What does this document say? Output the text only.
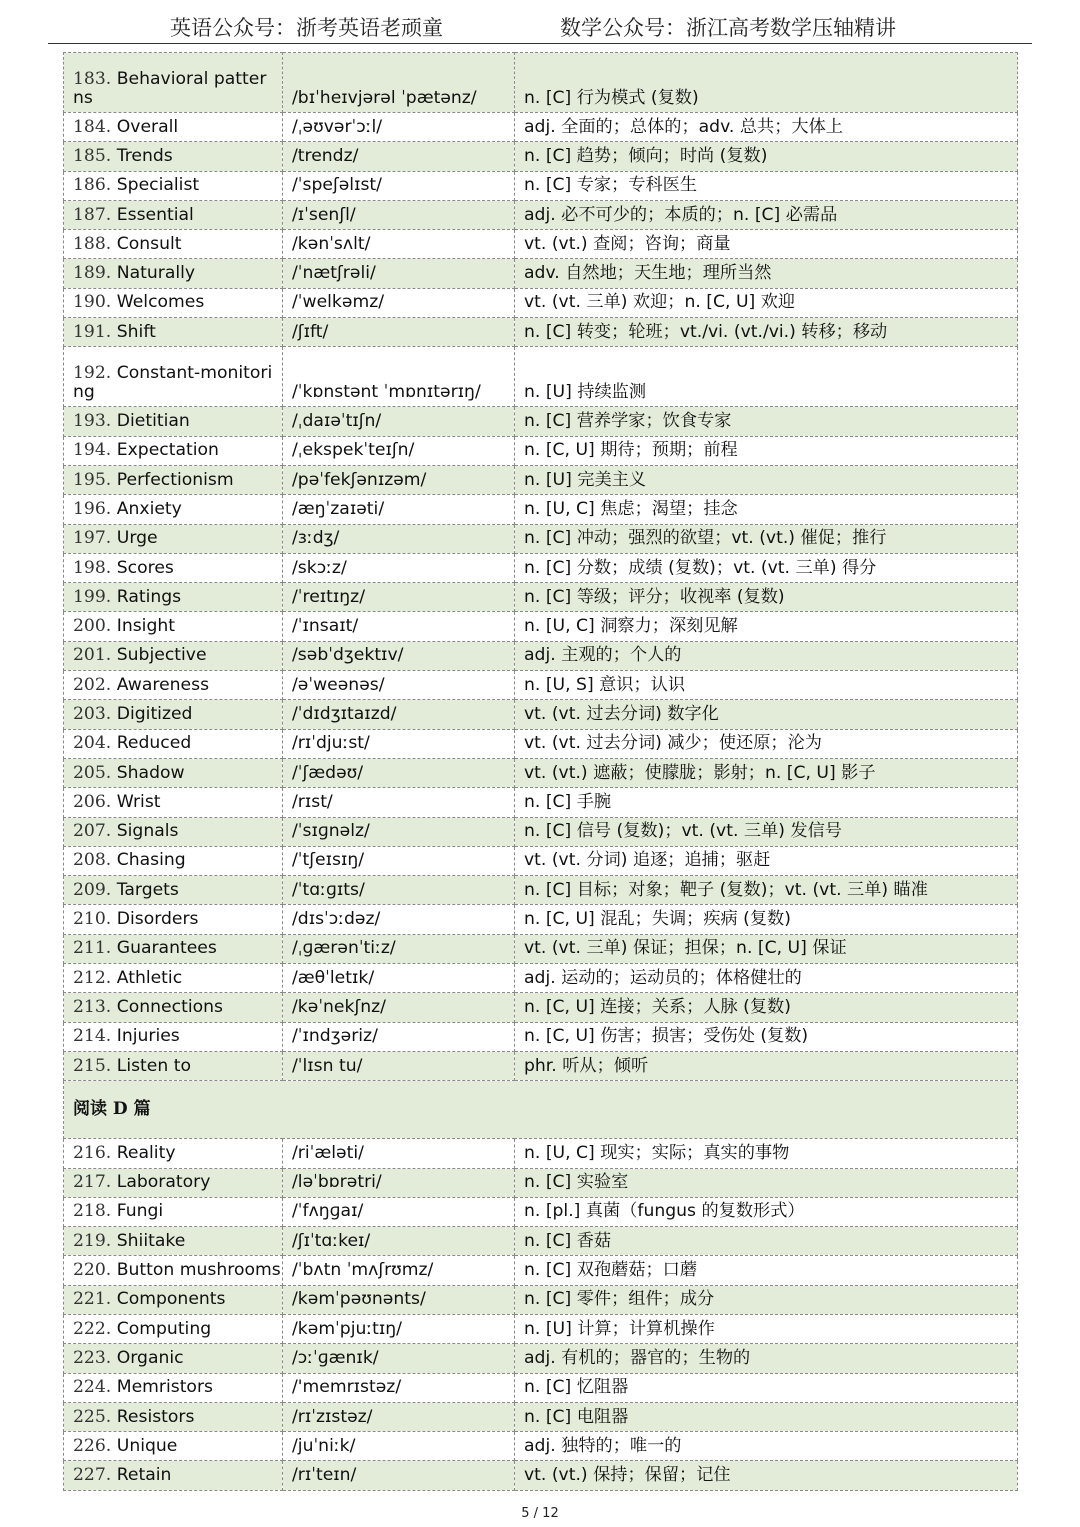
英语公众号：浙考英语老顽童	数学公众号：浙江高考数学压轴精讲
183. Behavioral patterns	/bɪˈheɪvjərəl ˈpætənz/	n. [C] 行为模式 (复数)
184. Overall	/ˌəʊvərˈɔːl/	adj. 全面的；总体的；adv. 总共；大体上
185. Trends	/trendz/	n. [C] 趋势；倾向；时尚 (复数)
186. Specialist	/ˈspeʃəlɪst/	n. [C] 专家；专科医生
187. Essential	/ɪˈsenʃl/	adj. 必不可少的；本质的；n. [C] 必需品
188. Consult	/kənˈsʌlt/	vt. (vt.) 查阅；咨询；商量
189. Naturally	/ˈnætʃrəli/	adv. 自然地；天生地；理所当然
190. Welcomes	/ˈwelkəmz/	vt. (vt. 三单) 欢迎；n. [C, U] 欢迎
191. Shift	/ʃɪft/	n. [C] 转变；轮班；vt./vi. (vt./vi.) 转移；移动
192. Constant-monitoring	/ˈkɒnstənt ˈmɒnɪtərɪŋ/	n. [U] 持续监测
193. Dietitian	/ˌdaɪəˈtɪʃn/	n. [C] 营养学家；饮食专家
194. Expectation	/ˌekspekˈteɪʃn/	n. [C, U] 期待；预期；前程
195. Perfectionism	/pəˈfekʃənɪzəm/	n. [U] 完美主义
196. Anxiety	/æŋˈzaɪəti/	n. [U, C] 焦虑；渴望；挂念
197. Urge	/ɜːdʒ/	n. [C] 冲动；强烈的欲望；vt. (vt.) 催促；推行
198. Scores	/skɔːz/	n. [C] 分数；成绩 (复数)；vt. (vt. 三单) 得分
199. Ratings	/ˈreɪtɪŋz/	n. [C] 等级；评分；收视率 (复数)
200. Insight	/ˈɪnsaɪt/	n. [U, C] 洞察力；深刻见解
201. Subjective	/səbˈdʒektɪv/	adj. 主观的；个人的
202. Awareness	/əˈweənəs/	n. [U, S] 意识；认识
203. Digitized	/ˈdɪdʒɪtaɪzd/	vt. (vt. 过去分词) 数字化
204. Reduced	/rɪˈdjuːst/	vt. (vt. 过去分词) 减少；使还原；沦为
205. Shadow	/ˈʃædəʊ/	vt. (vt.) 遮蔽；使朦胧；影射；n. [C, U] 影子
206. Wrist	/rɪst/	n. [C] 手腕
207. Signals	/ˈsɪɡnəlz/	n. [C] 信号 (复数)；vt. (vt. 三单) 发信号
208. Chasing	/ˈtʃeɪsɪŋ/	vt. (vt. 分词) 追逐；追捕；驱赶
209. Targets	/ˈtɑːɡɪts/	n. [C] 目标；对象；靶子 (复数)；vt. (vt. 三单) 瞄准
210. Disorders	/dɪsˈɔːdəz/	n. [C, U] 混乱；失调；疾病 (复数)
211. Guarantees	/ˌɡærənˈtiːz/	vt. (vt. 三单) 保证；担保；n. [C, U] 保证
212. Athletic	/æθˈletɪk/	adj. 运动的；运动员的；体格健壮的
213. Connections	/kəˈnekʃnz/	n. [C, U] 连接；关系；人脉 (复数)
214. Injuries	/ˈɪndʒəriz/	n. [C, U] 伤害；损害；受伤处 (复数)
215. Listen to	/ˈlɪsn tu/	phr. 听从；倾听
阅读 D 篇		
216. Reality	/riˈæləti/	n. [U, C] 现实；实际；真实的事物
217. Laboratory	/ləˈbɒrətri/	n. [C] 实验室
218. Fungi	/ˈfʌŋɡaɪ/	n. [pl.] 真菌（fungus 的复数形式）
219. Shiitake	/ʃɪˈtɑːkeɪ/	n. [C] 香菇
220. Button mushrooms	/ˈbʌtn ˈmʌʃrʊmz/	n. [C] 双孢蘑菇；口蘑
221. Components	/kəmˈpəʊnənts/	n. [C] 零件；组件；成分
222. Computing	/kəmˈpjuːtɪŋ/	n. [U] 计算；计算机操作
223. Organic	/ɔːˈɡænɪk/	adj. 有机的；器官的；生物的
224. Memristors	/'memrɪstəz/	n. [C] 忆阻器
225. Resistors	/rɪˈzɪstəz/	n. [C] 电阻器
226. Unique	/juˈniːk/	adj. 独特的；唯一的
227. Retain	/rɪˈteɪn/	vt. (vt.) 保持；保留；记住
5 / 12
